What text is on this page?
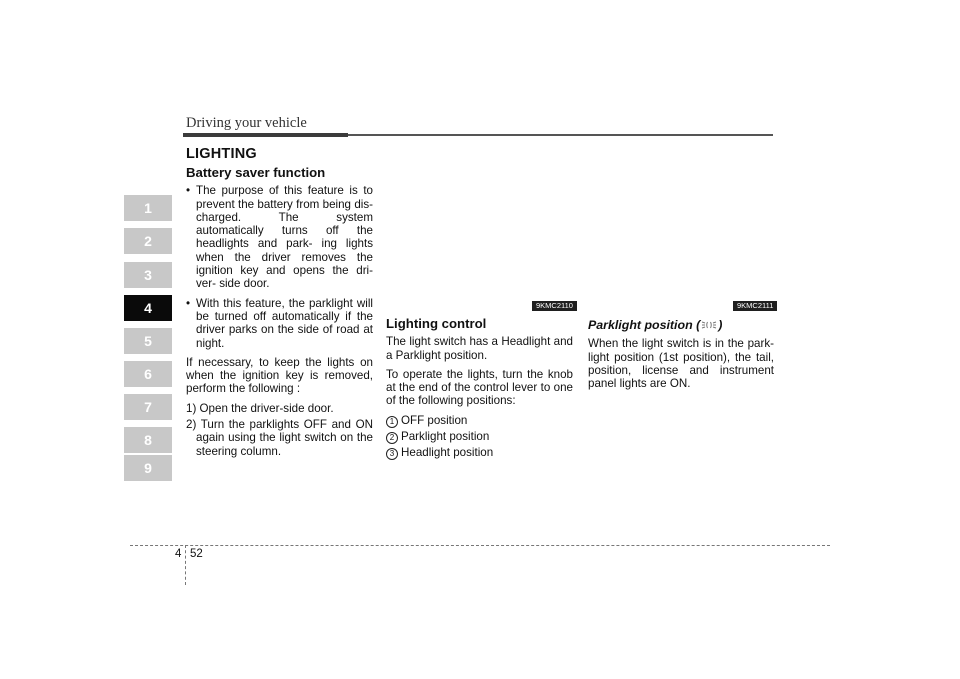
Driving your vehicle
LIGHTING
1
2
3
4
5
6
7
8
9
Battery saver function
• The purpose of this feature is to prevent the battery from being dis- charged. The system automatically turns off the headlights and park- ing lights when the driver removes the ignition key and opens the dri- ver- side door.
• With this feature, the parklight will be turned off automatically if the driver parks on the side of road at night.

If necessary, to keep the lights on when the ignition key is removed, perform the following :

1) Open the driver-side door.

2) Turn the parklights OFF and ON again using the light switch on the steering column.

9KMC2110
Lighting control

The light switch has a Headlight and a Parklight position.

To operate the lights, turn the knob at the end of the control lever to one of the following positions:

1 OFF position
2 Parklight position
3 Headlight position
9KMC2111
Parklight position ( )

When the light switch is in the park- light position (1st position), the tail, position, license and instrument panel lights are ON.

4 52
